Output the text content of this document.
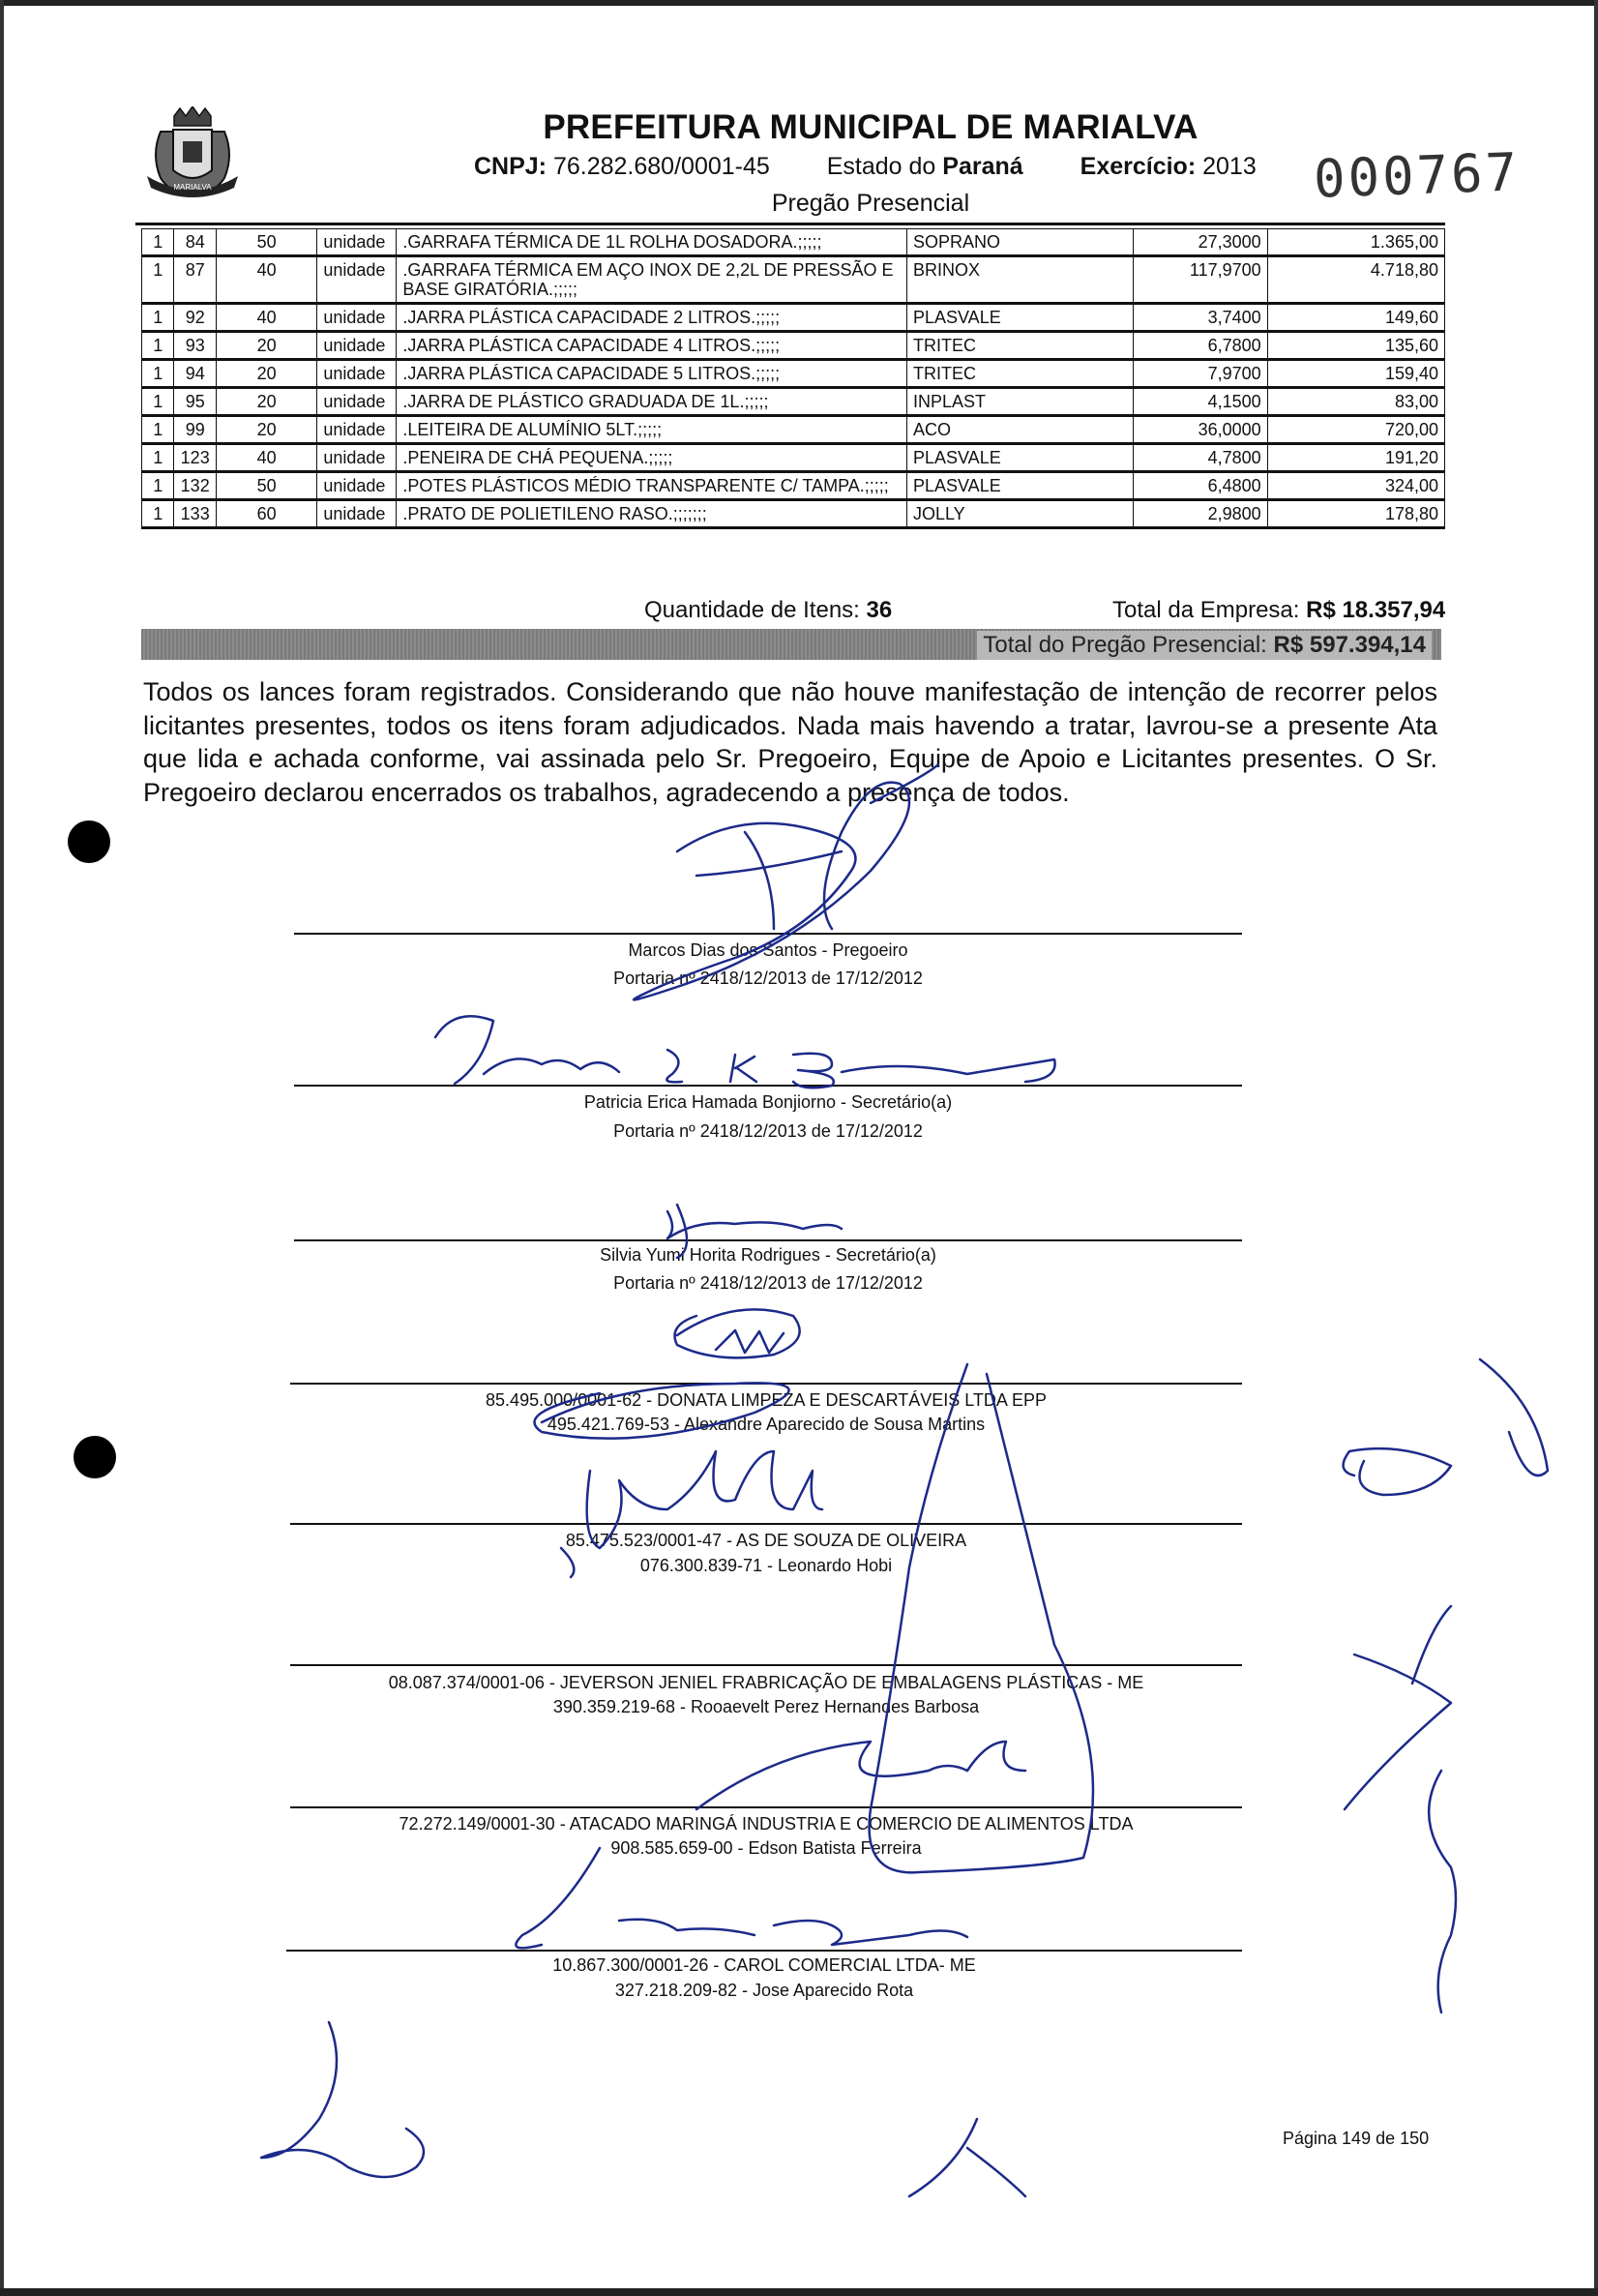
MARIALVA
PREFEITURA MUNICIPAL DE MARIALVA
CNPJ: 76.282.680/0001-45 Estado do Paraná Exercício: 2013
Pregão Presencial	000767
1	84	50	unidade	.GARRAFA TÉRMICA DE 1L ROLHA DOSADORA.;;;;;	SOPRANO	27,3000	1.365,00
1	87	40	unidade	.GARRAFA TÉRMICA EM AÇO INOX DE 2,2L DE PRESSÃO E BASE GIRATÓRIA.;;;;;	BRINOX	117,9700	4.718,80
1	92	40	unidade	.JARRA PLÁSTICA CAPACIDADE 2 LITROS.;;;;;	PLASVALE	3,7400	149,60
1	93	20	unidade	.JARRA PLÁSTICA CAPACIDADE 4 LITROS.;;;;;	TRITEC	6,7800	135,60
1	94	20	unidade	.JARRA PLÁSTICA CAPACIDADE 5 LITROS.;;;;;	TRITEC	7,9700	159,40
1	95	20	unidade	.JARRA DE PLÁSTICO GRADUADA DE 1L.;;;;;	INPLAST	4,1500	83,00
1	99	20	unidade	.LEITEIRA DE ALUMÍNIO 5LT.;;;;;	ACO	36,0000	720,00
1	123	40	unidade	.PENEIRA DE CHÁ PEQUENA.;;;;;	PLASVALE	4,7800	191,20
1	132	50	unidade	.POTES PLÁSTICOS MÉDIO TRANSPARENTE C/ TAMPA.;;;;;	PLASVALE	6,4800	324,00
1	133	60	unidade	.PRATO DE POLIETILENO RASO.;;;;;;;	JOLLY	2,9800	178,80
Quantidade de Itens: 36	Total da Empresa: R$ 18.357,94
Total do Pregão Presencial: R$ 597.394,14
Todos os lances foram registrados. Considerando que não houve manifestação de intenção de recorrer pelos licitantes presentes, todos os itens foram adjudicados. Nada mais havendo a tratar, lavrou-se a presente Ata que lida e achada conforme, vai assinada pelo Sr. Pregoeiro, Equipe de Apoio e Licitantes presentes. O Sr. Pregoeiro declarou encerrados os trabalhos, agradecendo a presença de todos.
Marcos Dias dos Santos - Pregoeiro
Portaria nº 2418/12/2013 de 17/12/2012
Patricia Erica Hamada Bonjiorno - Secretário(a)
Portaria nº 2418/12/2013 de 17/12/2012
Silvia Yumi Horita Rodrigues - Secretário(a)
Portaria nº 2418/12/2013 de 17/12/2012
85.495.000/0001-62 - DONATA LIMPEZA E DESCARTÁVEIS LTDA EPP
495.421.769-53 - Alexandre Aparecido de Sousa Martins
85.475.523/0001-47 - AS DE SOUZA DE OLIVEIRA
076.300.839-71 - Leonardo Hobi
08.087.374/0001-06 - JEVERSON JENIEL FRABRICAÇÃO DE EMBALAGENS PLÁSTICAS - ME
390.359.219-68 - Rooaevelt Perez Hernandes Barbosa
72.272.149/0001-30 - ATACADO MARINGÁ INDUSTRIA E COMERCIO DE ALIMENTOS LTDA
908.585.659-00 - Edson Batista Ferreira
10.867.300/0001-26 - CAROL COMERCIAL LTDA- ME
327.218.209-82 - Jose Aparecido Rota
Página 149 de 150
Patricia E.K. Bonjiorno
Srodrigues
Bomdelli
Pascoa Rocco
